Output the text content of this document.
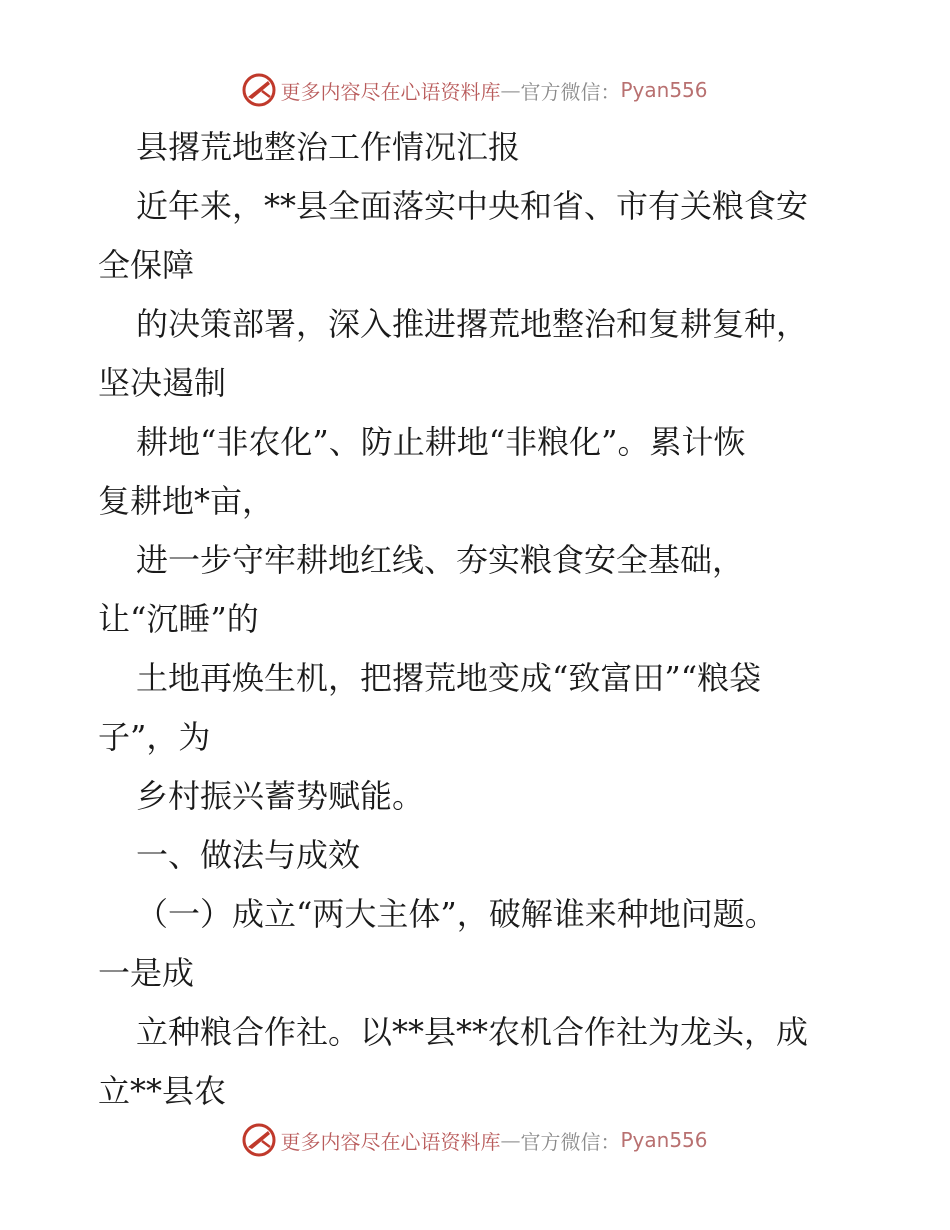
更多内容尽在心语资料库 — 官方微信： Pyan556
县撂荒地整治工作情况汇报
近年来，**县全面落实中央和省、市有关粮食安
全保障
的决策部署，深入推进撂荒地整治和复耕复种，
坚决遏制
耕地“非农化”、防止耕地“非粮化”。累计恢
复耕地*亩，
进一步守牢耕地红线、夯实粮食安全基础，
让“沉睡”的
土地再焕生机，把撂荒地变成“致富田”“粮袋
子”，为
乡村振兴蓄势赋能。
一、做法与成效
（一）成立“两大主体”，破解谁来种地问题。
一是成
立种粮合作社。以**县**农机合作社为龙头，成
立**县农
更多内容尽在心语资料库 — 官方微信： Pyan556
